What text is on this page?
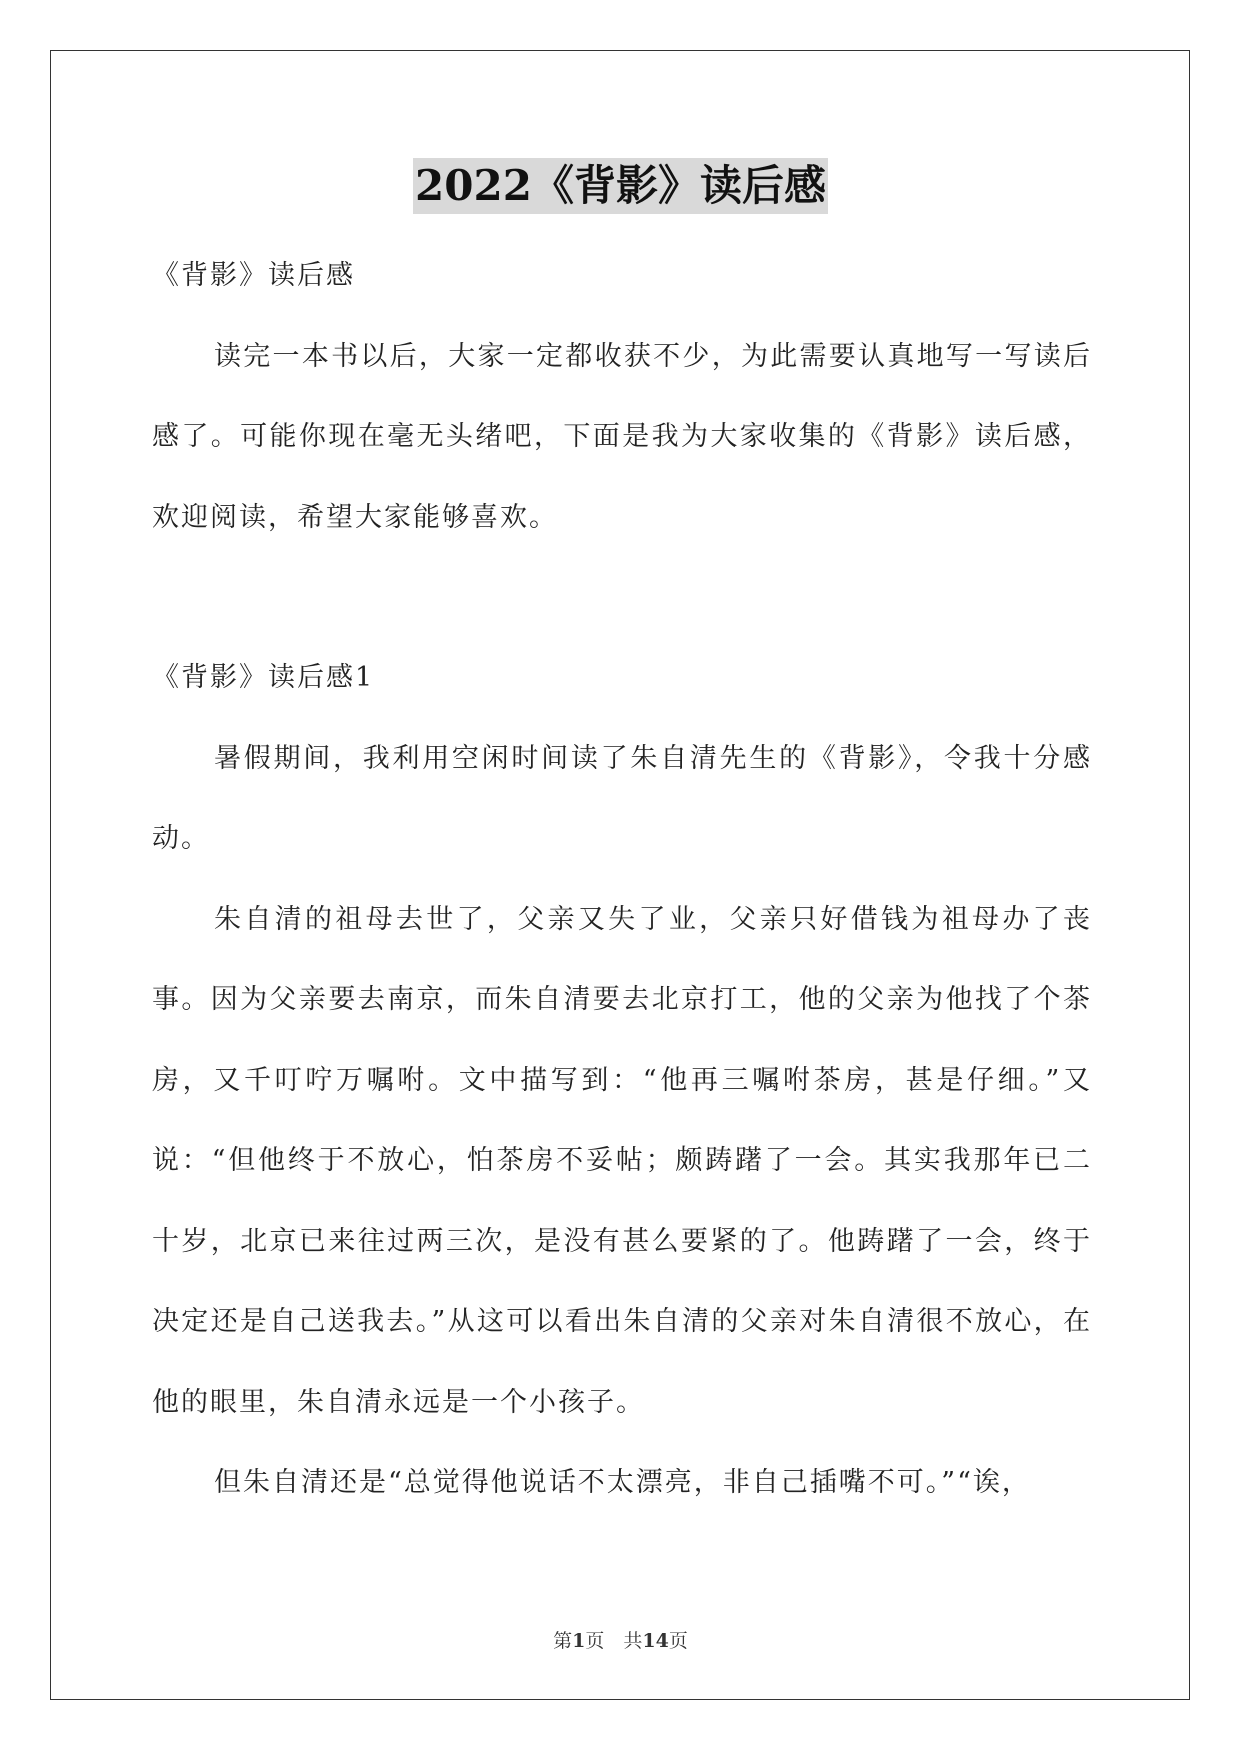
2022《背影》读后感

《背影》读后感

读完一本书以后，大家一定都收获不少，为此需要认真地写一写读后感了。可能你现在毫无头绪吧，下面是我为大家收集的《背影》读后感，欢迎阅读，希望大家能够喜欢。

《背影》读后感1

暑假期间，我利用空闲时间读了朱自清先生的《背影》，令我十分感动。

朱自清的祖母去世了，父亲又失了业，父亲只好借钱为祖母办了丧事。因为父亲要去南京，而朱自清要去北京打工，他的父亲为他找了个茶房，又千叮咛万嘱咐。文中描写到：“他再三嘱咐茶房，甚是仔细。”又说：“但他终于不放心，怕茶房不妥帖；颇踌躇了一会。其实我那年已二十岁，北京已来往过两三次，是没有甚么要紧的了。他踌躇了一会，终于决定还是自己送我去。”从这可以看出朱自清的父亲对朱自清很不放心，在他的眼里，朱自清永远是一个小孩子。

但朱自清还是“总觉得他说话不太漂亮，非自己插嘴不可。”“诶，

第1页　共14页
